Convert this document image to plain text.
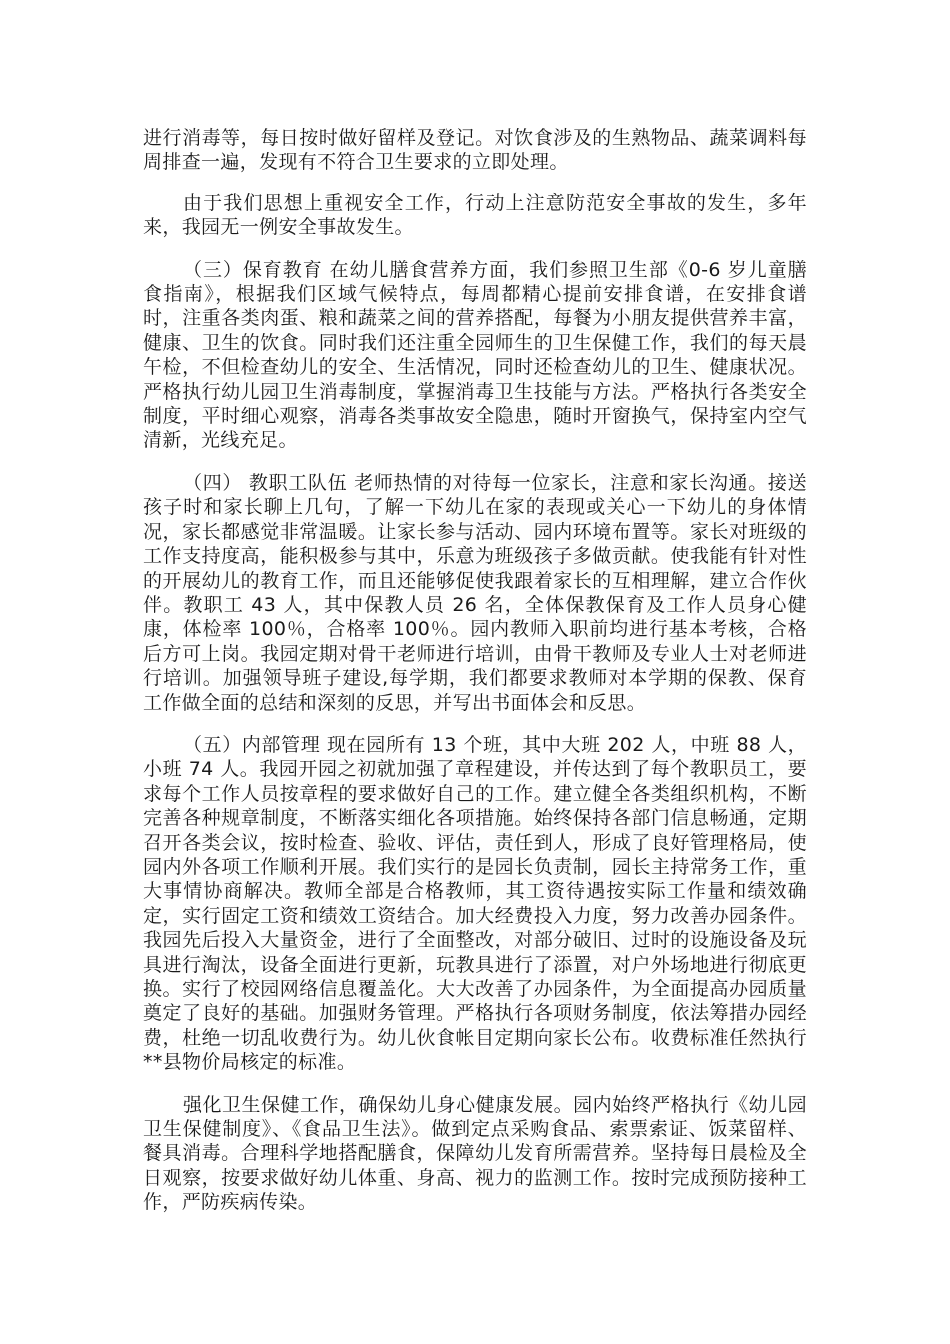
进行消毒等，每日按时做好留样及登记。对饮食涉及的生熟物品、蔬菜调料每周排查一遍，发现有不符合卫生要求的立即处理。

由于我们思想上重视安全工作，行动上注意防范安全事故的发生，多年来，我园无一例安全事故发生。

（三）保育教育 在幼儿膳食营养方面，我们参照卫生部《0-6 岁儿童膳食指南》，根据我们区域气候特点，每周都精心提前安排食谱，在安排食谱时，注重各类肉蛋、粮和蔬菜之间的营养搭配，每餐为小朋友提供营养丰富，健康、卫生的饮食。同时我们还注重全园师生的卫生保健工作，我们的每天晨午检，不但检查幼儿的安全、生活情况，同时还检查幼儿的卫生、健康状况。严格执行幼儿园卫生消毒制度，掌握消毒卫生技能与方法。严格执行各类安全制度，平时细心观察，消毒各类事故安全隐患，随时开窗换气，保持室内空气清新，光线充足。

（四） 教职工队伍 老师热情的对待每一位家长，注意和家长沟通。接送孩子时和家长聊上几句，了解一下幼儿在家的表现或关心一下幼儿的身体情况，家长都感觉非常温暖。让家长参与活动、园内环境布置等。家长对班级的工作支持度高，能积极参与其中，乐意为班级孩子多做贡献。使我能有针对性的开展幼儿的教育工作，而且还能够促使我跟着家长的互相理解，建立合作伙伴。教职工 43 人，其中保教人员 26 名，全体保教保育及工作人员身心健康，体检率 100％，合格率 100％。园内教师入职前均进行基本考核，合格后方可上岗。我园定期对骨干老师进行培训，由骨干教师及专业人士对老师进行培训。加强领导班子建设,每学期，我们都要求教师对本学期的保教、保育工作做全面的总结和深刻的反思，并写出书面体会和反思。

（五）内部管理 现在园所有 13 个班，其中大班 202 人，中班 88 人，小班 74 人。我园开园之初就加强了章程建设，并传达到了每个教职员工，要求每个工作人员按章程的要求做好自己的工作。建立健全各类组织机构，不断完善各种规章制度，不断落实细化各项措施。始终保持各部门信息畅通，定期召开各类会议，按时检查、验收、评估，责任到人，形成了良好管理格局，使园内外各项工作顺利开展。我们实行的是园长负责制，园长主持常务工作，重大事情协商解决。教师全部是合格教师，其工资待遇按实际工作量和绩效确定，实行固定工资和绩效工资结合。加大经费投入力度，努力改善办园条件。我园先后投入大量资金，进行了全面整改，对部分破旧、过时的设施设备及玩具进行淘汰，设备全面进行更新，玩教具进行了添置，对户外场地进行彻底更换。实行了校园网络信息覆盖化。大大改善了办园条件，为全面提高办园质量奠定了良好的基础。加强财务管理。严格执行各项财务制度，依法筹措办园经费，杜绝一切乱收费行为。幼儿伙食帐目定期向家长公布。收费标准任然执行**县物价局核定的标准。

强化卫生保健工作，确保幼儿身心健康发展。园内始终严格执行《幼儿园卫生保健制度》、《食品卫生法》。做到定点采购食品、索票索证、饭菜留样、餐具消毒。合理科学地搭配膳食，保障幼儿发育所需营养。坚持每日晨检及全日观察，按要求做好幼儿体重、身高、视力的监测工作。按时完成预防接种工作，严防疾病传染。
